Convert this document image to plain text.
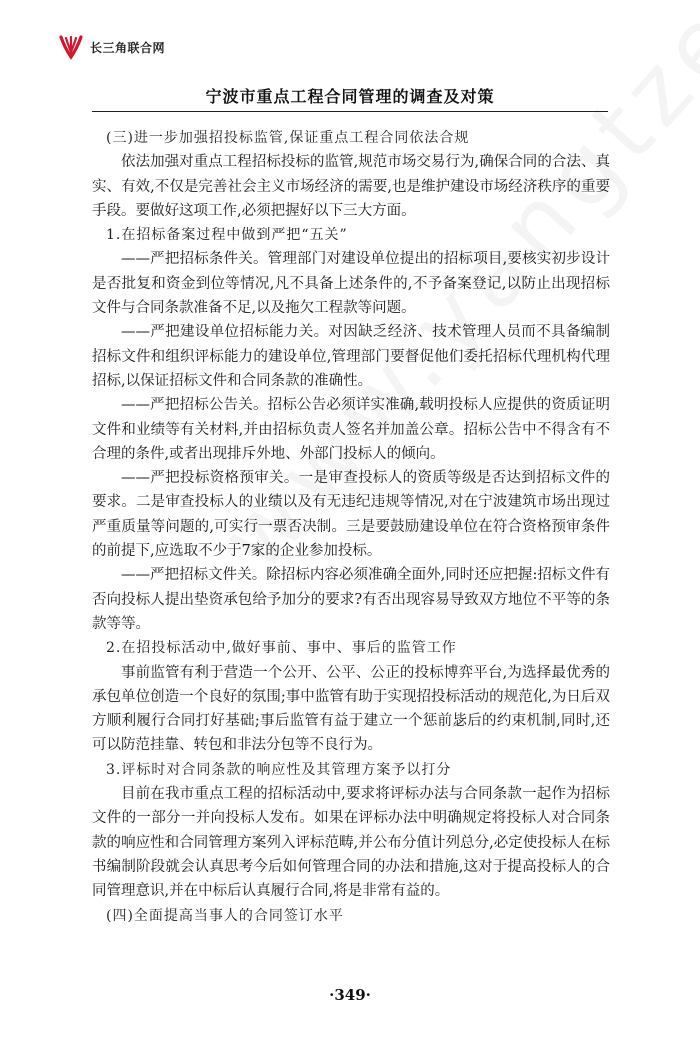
长三角联合网
宁波市重点工程合同管理的调查及对策

(三)进一步加强招投标监管,保证重点工程合同依法合规

依法加强对重点工程招标投标的监管,规范市场交易行为,确保合同的合法、真实、有效,不仅是完善社会主义市场经济的需要,也是维护建设市场经济秩序的重要手段。要做好这项工作,必须把握好以下三大方面。

1.在招标备案过程中做到严把“五关”

——严把招标条件关。管理部门对建设单位提出的招标项目,要核实初步设计是否批复和资金到位等情况,凡不具备上述条件的,不予备案登记,以防止出现招标文件与合同条款准备不足,以及拖欠工程款等问题。

——严把建设单位招标能力关。对因缺乏经济、技术管理人员而不具备编制招标文件和组织评标能力的建设单位,管理部门要督促他们委托招标代理机构代理招标,以保证招标文件和合同条款的准确性。

——严把招标公告关。招标公告必须详实准确,载明投标人应提供的资质证明文件和业绩等有关材料,并由招标负责人签名并加盖公章。招标公告中不得含有不合理的条件,或者出现排斥外地、外部门投标人的倾向。

——严把投标资格预审关。一是审查投标人的资质等级是否达到招标文件的要求。二是审查投标人的业绩以及有无违纪违规等情况,对在宁波建筑市场出现过严重质量等问题的,可实行一票否决制。三是要鼓励建设单位在符合资格预审条件的前提下,应选取不少于7家的企业参加投标。

——严把招标文件关。除招标内容必须准确全面外,同时还应把握:招标文件有否向投标人提出垫资承包给予加分的要求?有否出现容易导致双方地位不平等的条款等等。

2.在招投标活动中,做好事前、事中、事后的监管工作

事前监管有利于营造一个公开、公平、公正的投标博弈平台,为选择最优秀的承包单位创造一个良好的氛围;事中监管有助于实现招投标活动的规范化,为日后双方顺利履行合同打好基础;事后监管有益于建立一个惩前毖后的约束机制,同时,还可以防范挂靠、转包和非法分包等不良行为。

3.评标时对合同条款的响应性及其管理方案予以打分

目前在我市重点工程的招标活动中,要求将评标办法与合同条款一起作为招标文件的一部分一并向投标人发布。如果在评标办法中明确规定将投标人对合同条款的响应性和合同管理方案列入评标范畴,并公布分值计列总分,必定使投标人在标书编制阶段就会认真思考今后如何管理合同的办法和措施,这对于提高投标人的合同管理意识,并在中标后认真履行合同,将是非常有益的。

(四)全面提高当事人的合同签订水平

·349·
